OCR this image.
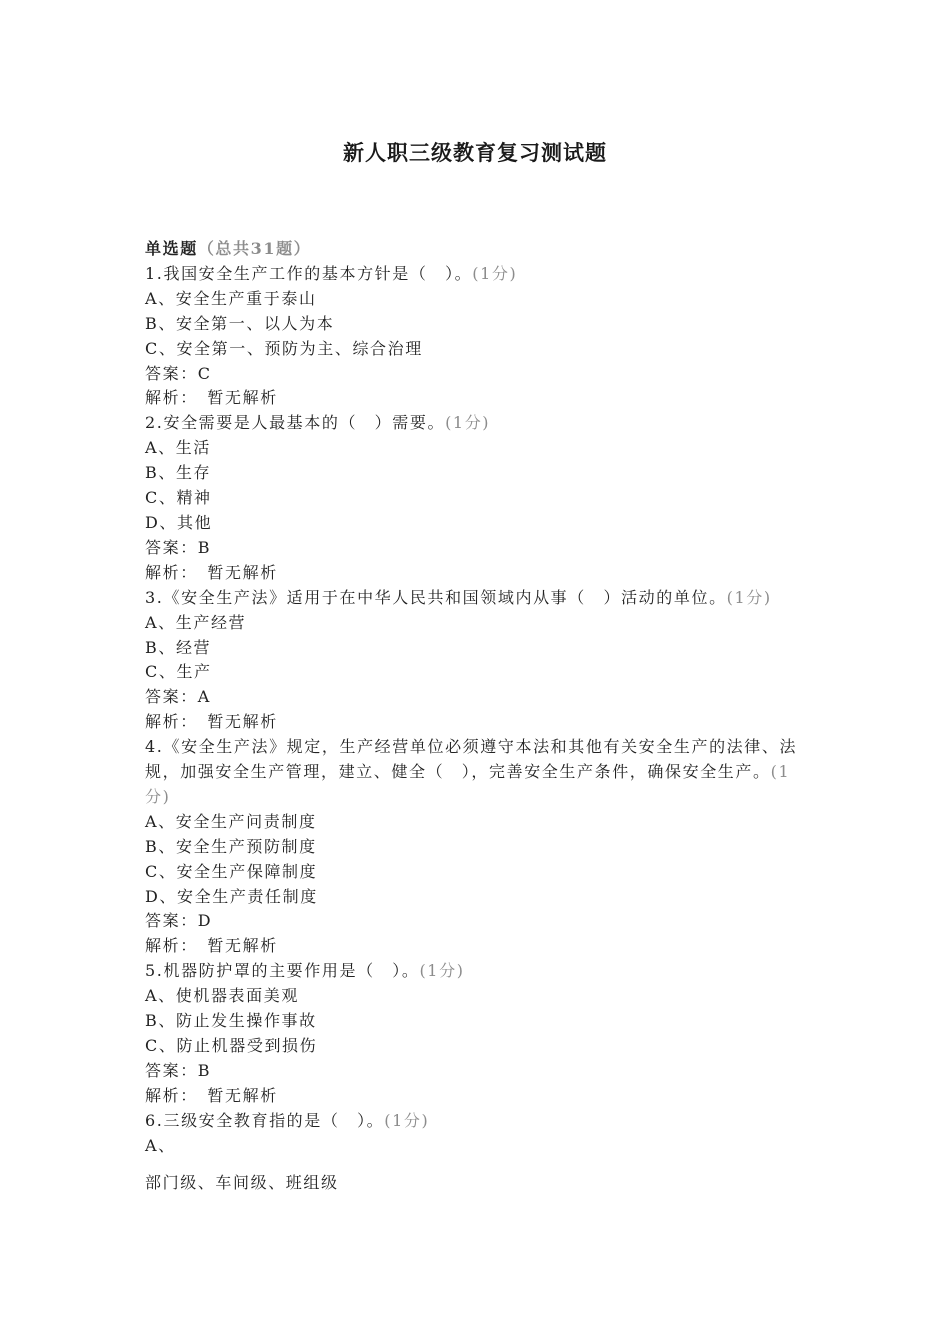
新人职三级教育复习测试题
单选题（总共31题）
1.我国安全生产工作的基本方针是（　）。(1分)
A、安全生产重于泰山
B、安全第一、以人为本
C、安全第一、预防为主、综合治理
答案：C
解析：　暂无解析
2.安全需要是人最基本的（　）需要。(1分)
A、生活
B、生存
C、精神
D、其他
答案：B
解析：　暂无解析
3.《安全生产法》适用于在中华人民共和国领域内从事（　）活动的单位。(1分)
A、生产经营
B、经营
C、生产
答案：A
解析：　暂无解析
4.《安全生产法》规定，生产经营单位必须遵守本法和其他有关安全生产的法律、法规，加强安全生产管理，建立、健全（　），完善安全生产条件，确保安全生产。(1分)
A、安全生产问责制度
B、安全生产预防制度
C、安全生产保障制度
D、安全生产责任制度
答案：D
解析：　暂无解析
5.机器防护罩的主要作用是（　）。(1分)
A、使机器表面美观
B、防止发生操作事故
C、防止机器受到损伤
答案：B
解析：　暂无解析
6.三级安全教育指的是（　）。(1分)
A、
部门级、车间级、班组级
